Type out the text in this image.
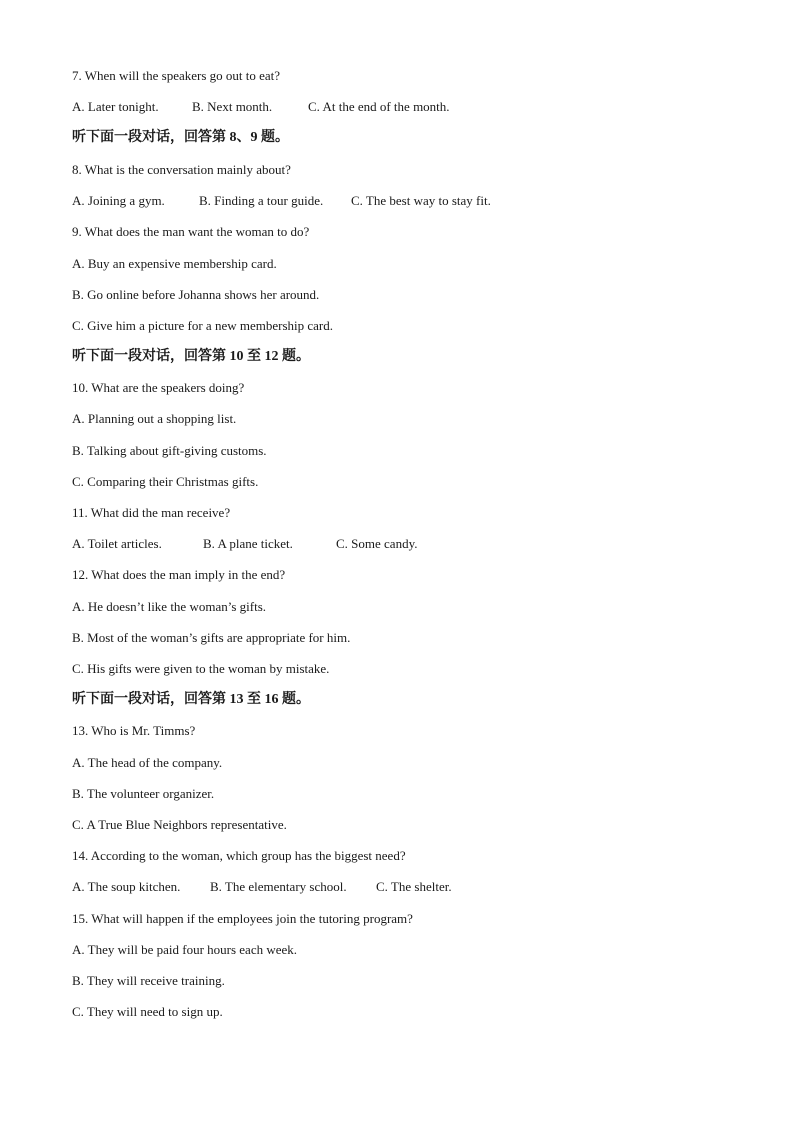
7. When will the speakers go out to eat?
A. Later tonight.	B. Next month.	C. At the end of the month.
听下面一段对话，回答第 8、9 题。
8. What is the conversation mainly about?
A. Joining a gym.	B. Finding a tour guide. C. The best way to stay fit.
9. What does the man want the woman to do?
A. Buy an expensive membership card.
B. Go online before Johanna shows her around.
C. Give him a picture for a new membership card.
听下面一段对话，回答第 10 至 12 题。
10. What are the speakers doing?
A. Planning out a shopping list.
B. Talking about gift-giving customs.
C. Comparing their Christmas gifts.
11. What did the man receive?
A. Toilet articles.	B. A plane ticket.	C. Some candy.
12. What does the man imply in the end?
A. He doesn’t like the woman’s gifts.
B. Most of the woman’s gifts are appropriate for him.
C. His gifts were given to the woman by mistake.
听下面一段对话，回答第 13 至 16 题。
13. Who is Mr. Timms?
A. The head of the company.
B. The volunteer organizer.
C. A True Blue Neighbors representative.
14. According to the woman, which group has the biggest need?
A. The soup kitchen. B. The elementary school. C. The shelter.
15. What will happen if the employees join the tutoring program?
A. They will be paid four hours each week.
B. They will receive training.
C. They will need to sign up.
